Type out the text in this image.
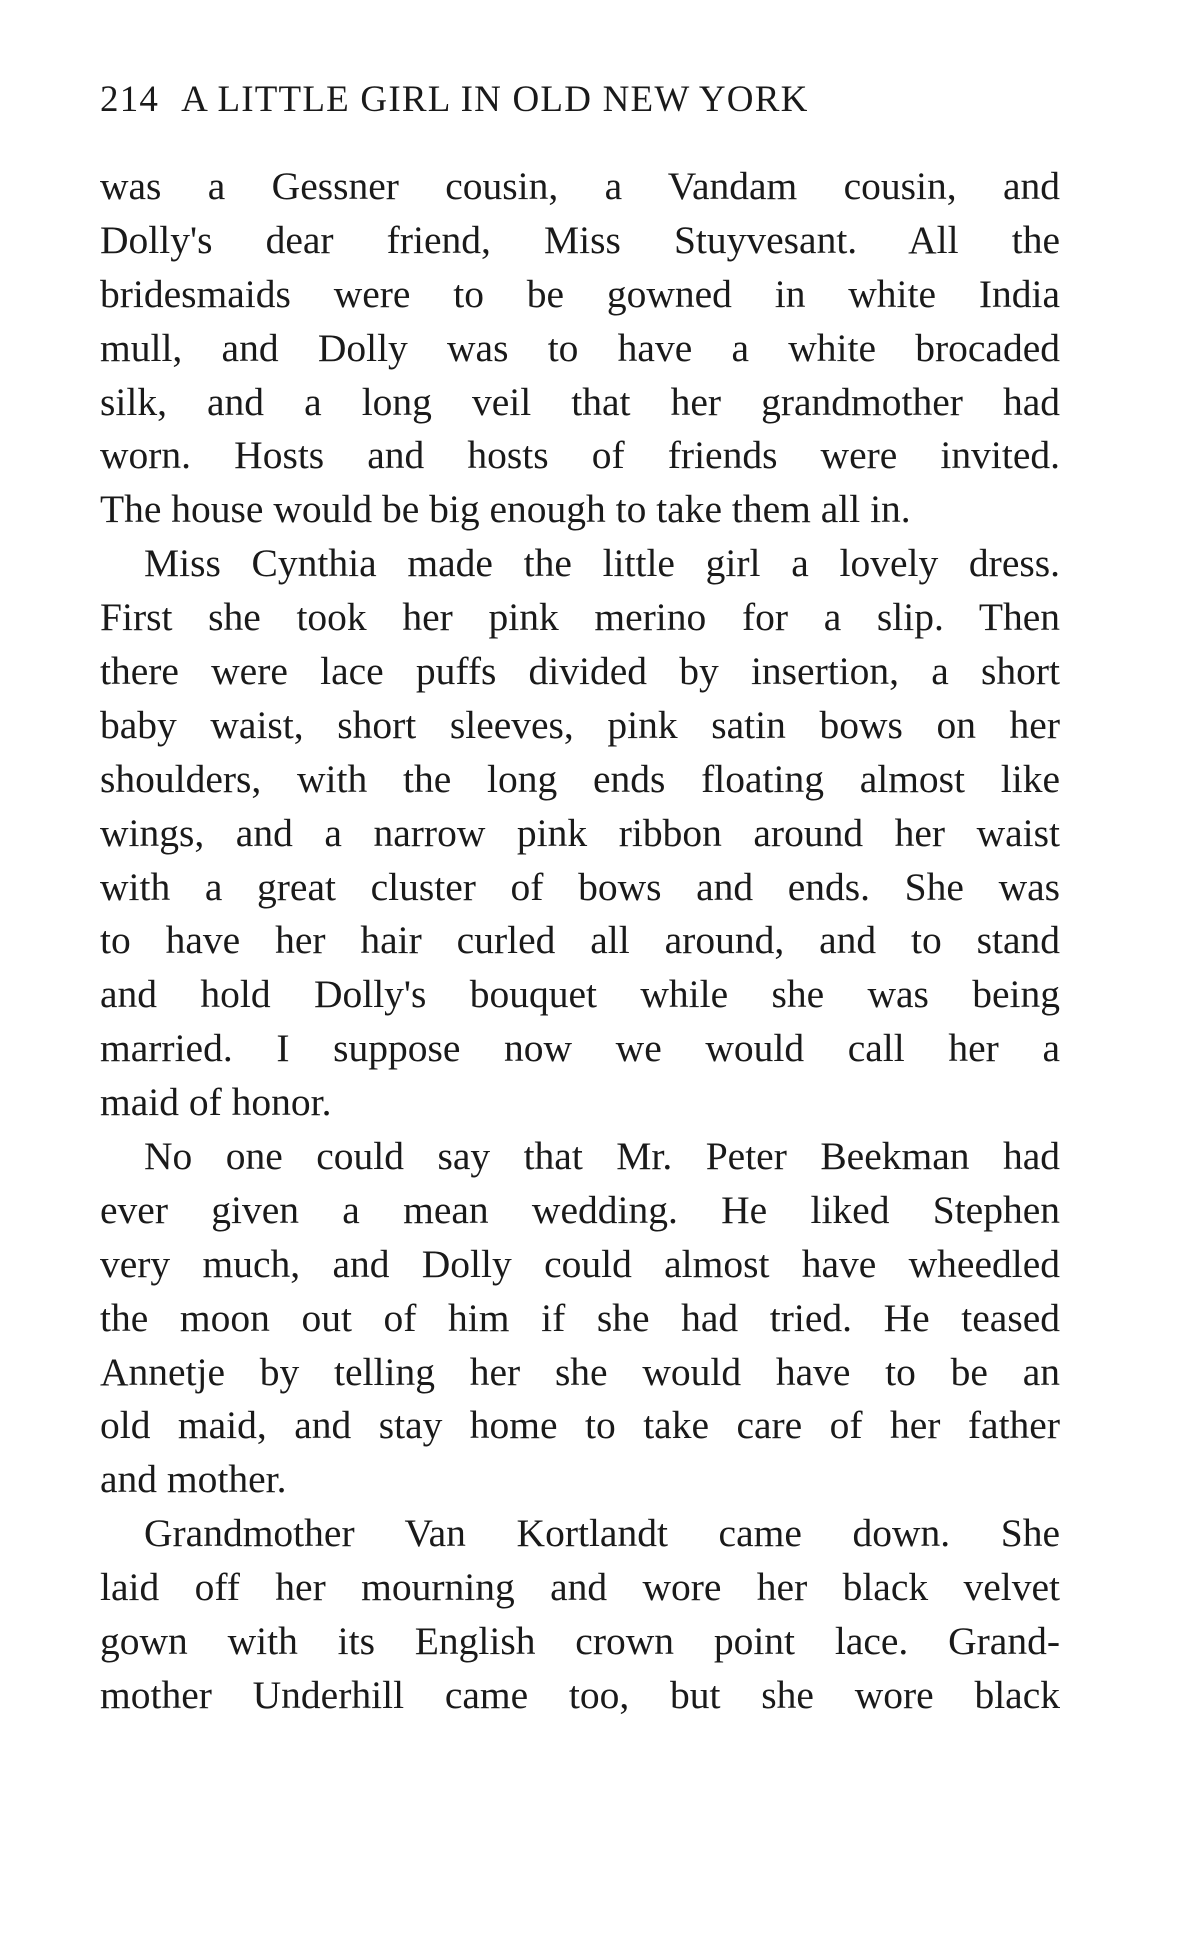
214 A LITTLE GIRL IN OLD NEW YORK
was a Gessner cousin, a Vandam cousin, and
Dolly's dear friend, Miss Stuyvesant. All the
bridesmaids were to be gowned in white India
mull, and Dolly was to have a white brocaded
silk, and a long veil that her grandmother had
worn. Hosts and hosts of friends were invited.
The house would be big enough to take them all in.
Miss Cynthia made the little girl a lovely dress.
First she took her pink merino for a slip. Then
there were lace puffs divided by insertion, a short
baby waist, short sleeves, pink satin bows on her
shoulders, with the long ends floating almost like
wings, and a narrow pink ribbon around her waist
with a great cluster of bows and ends. She was
to have her hair curled all around, and to stand
and hold Dolly's bouquet while she was being
married. I suppose now we would call her a
maid of honor.
No one could say that Mr. Peter Beekman had
ever given a mean wedding. He liked Stephen
very much, and Dolly could almost have wheedled
the moon out of him if she had tried. He teased
Annetje by telling her she would have to be an
old maid, and stay home to take care of her father
and mother.
Grandmother Van Kortlandt came down. She
laid off her mourning and wore her black velvet
gown with its English crown point lace. Grand-
mother Underhill came too, but she wore black
